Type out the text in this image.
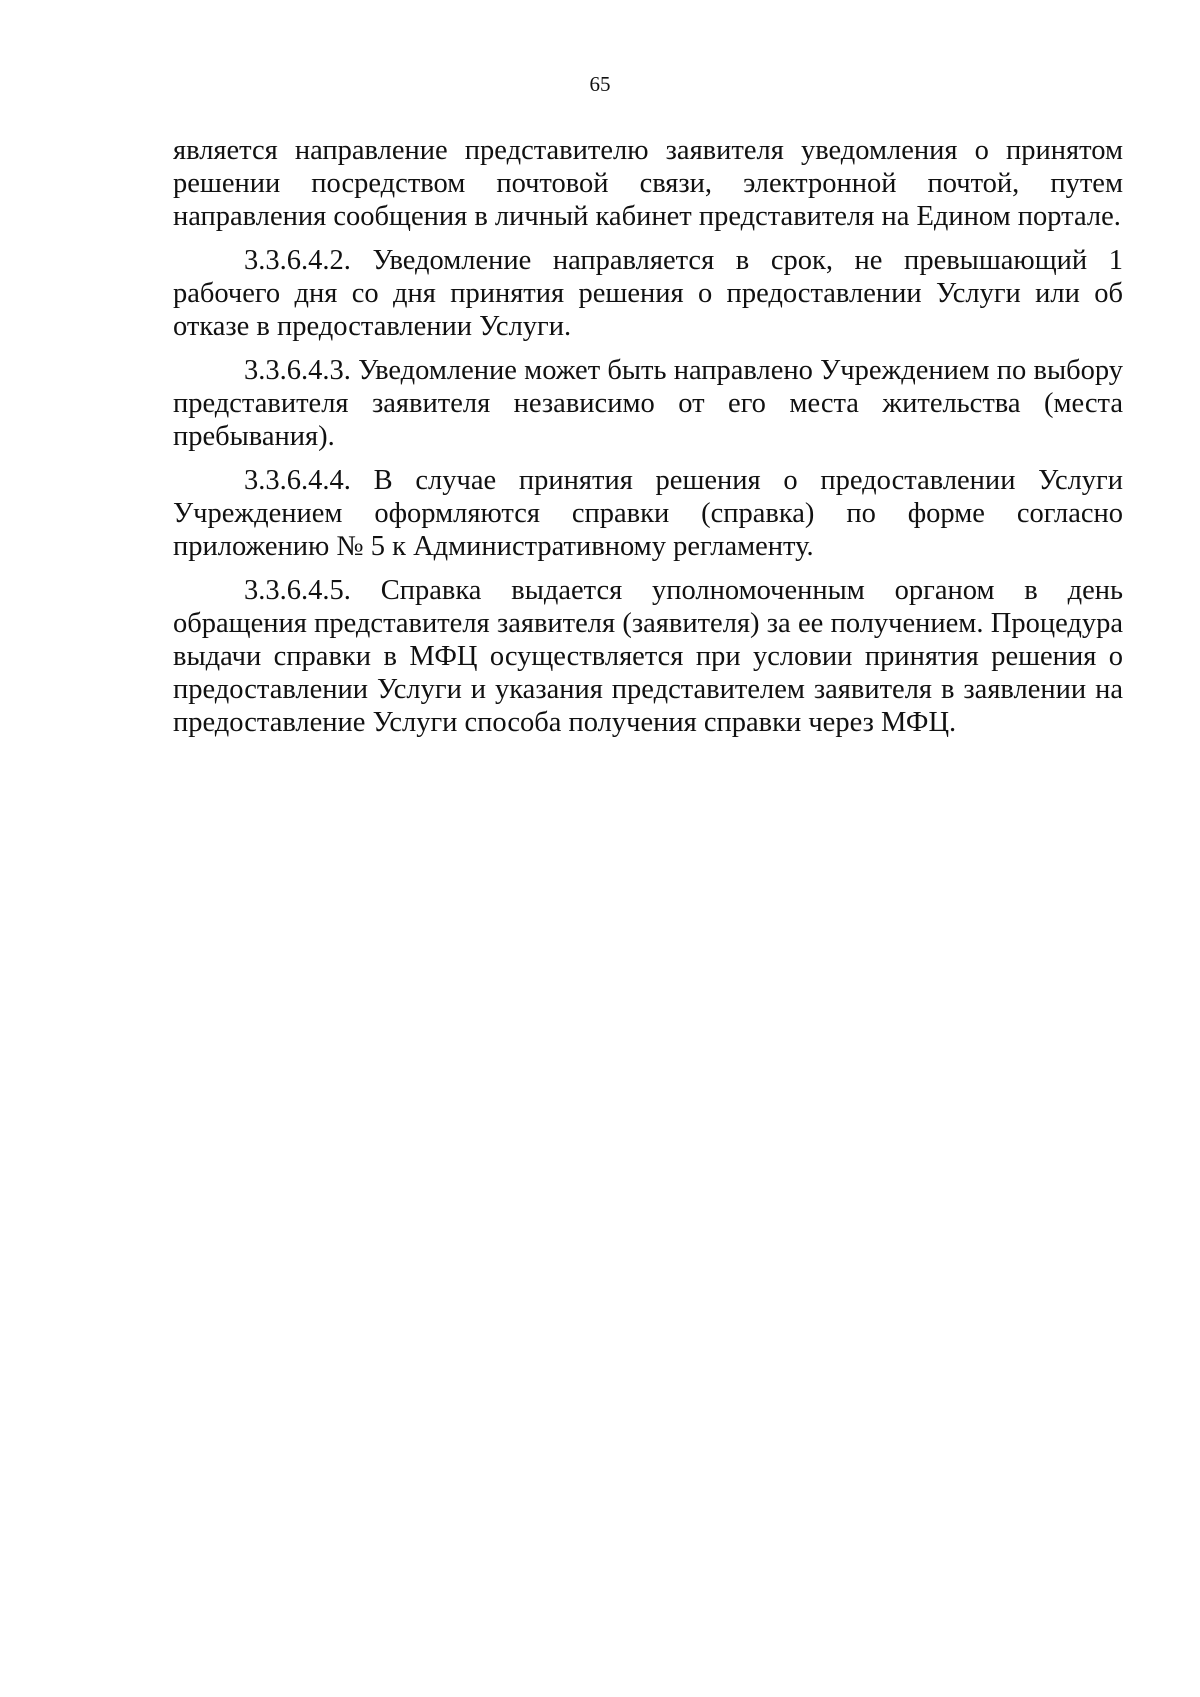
65

является направление представителю заявителя уведомления о принятом решении посредством почтовой связи, электронной почтой, путем направления сообщения в личный кабинет представителя на Едином портале.

3.3.6.4.2. Уведомление направляется в срок, не превышающий 1 рабочего дня со дня принятия решения о предоставлении Услуги или об отказе в предоставлении Услуги.

3.3.6.4.3. Уведомление может быть направлено Учреждением по выбору представителя заявителя независимо от его места жительства (места пребывания).

3.3.6.4.4. В случае принятия решения о предоставлении Услуги Учреждением оформляются справки (справка) по форме согласно приложению № 5 к Административному регламенту.

3.3.6.4.5. Справка выдается уполномоченным органом в день обращения представителя заявителя (заявителя) за ее получением. Процедура выдачи справки в МФЦ осуществляется при условии принятия решения о предоставлении Услуги и указания представителем заявителя в заявлении на предоставление Услуги способа получения справки через МФЦ.
